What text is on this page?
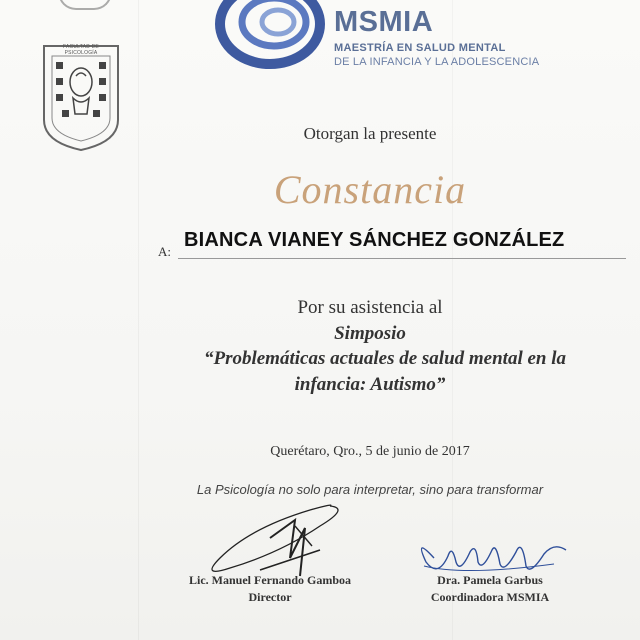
FACULTAD DE PSICOLOGÍA
MSMIA
MAESTRÍA EN SALUD MENTAL
DE LA INFANCIA Y LA ADOLESCENCIA
Otorgan la presente
Constancia
A:
BIANCA VIANEY SÁNCHEZ GONZÁLEZ
Por su asistencia al
Simposio
“Problemáticas actuales de salud mental en la
infancia: Autismo”
Querétaro, Qro., 5 de junio de 2017
La Psicología no solo para interpretar, sino para transformar
Lic. Manuel Fernando Gamboa
Director
Dra. Pamela Garbus
Coordinadora MSMIA
